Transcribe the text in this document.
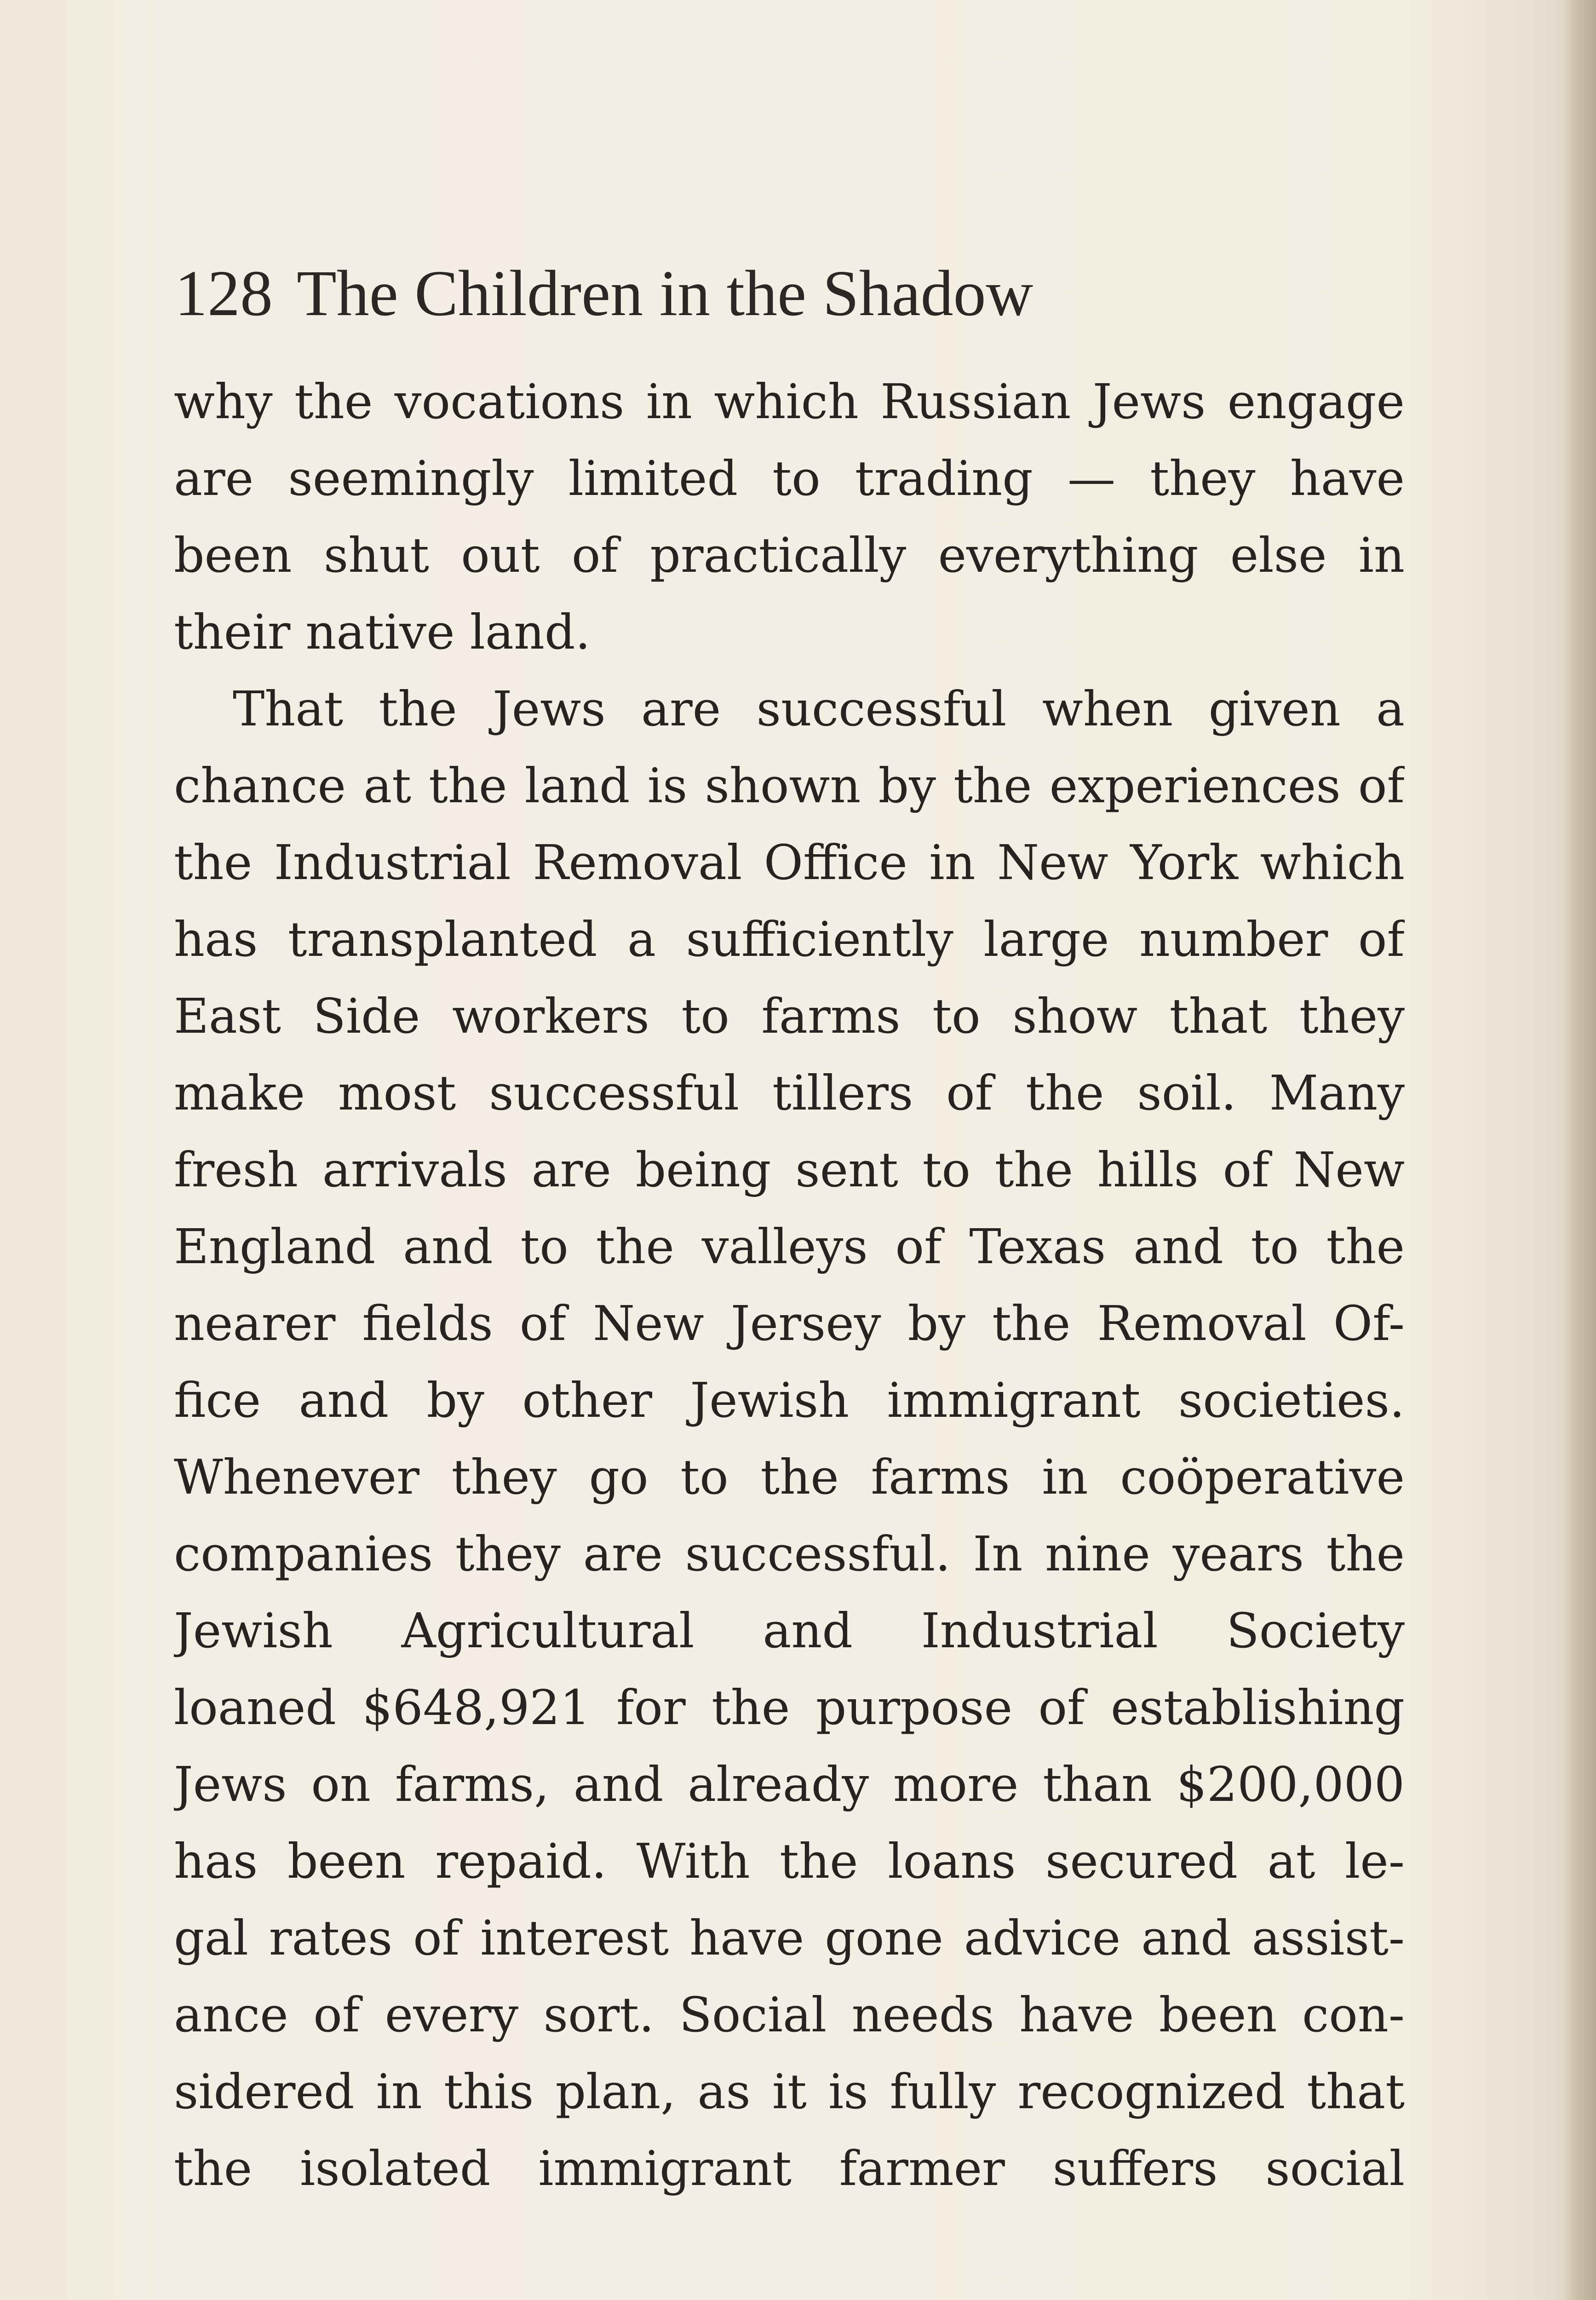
128 The Children in the Shadow
why the vocations in which Russian Jews engage
are seemingly limited to trading — they have
been shut out of practically everything else in
their native land.
That the Jews are successful when given a
chance at the land is shown by the experiences of
the Industrial Removal Office in New York which
has transplanted a sufficiently large number of
East Side workers to farms to show that they
make most successful tillers of the soil. Many
fresh arrivals are being sent to the hills of New
England and to the valleys of Texas and to the
nearer fields of New Jersey by the Removal Of-
fice and by other Jewish immigrant societies.
Whenever they go to the farms in coöperative
companies they are successful. In nine years the
Jewish Agricultural and Industrial Society
loaned $648,921 for the purpose of establishing
Jews on farms, and already more than $200,000
has been repaid. With the loans secured at le-
gal rates of interest have gone advice and assist-
ance of every sort. Social needs have been con-
sidered in this plan, as it is fully recognized that
the isolated immigrant farmer suffers social
